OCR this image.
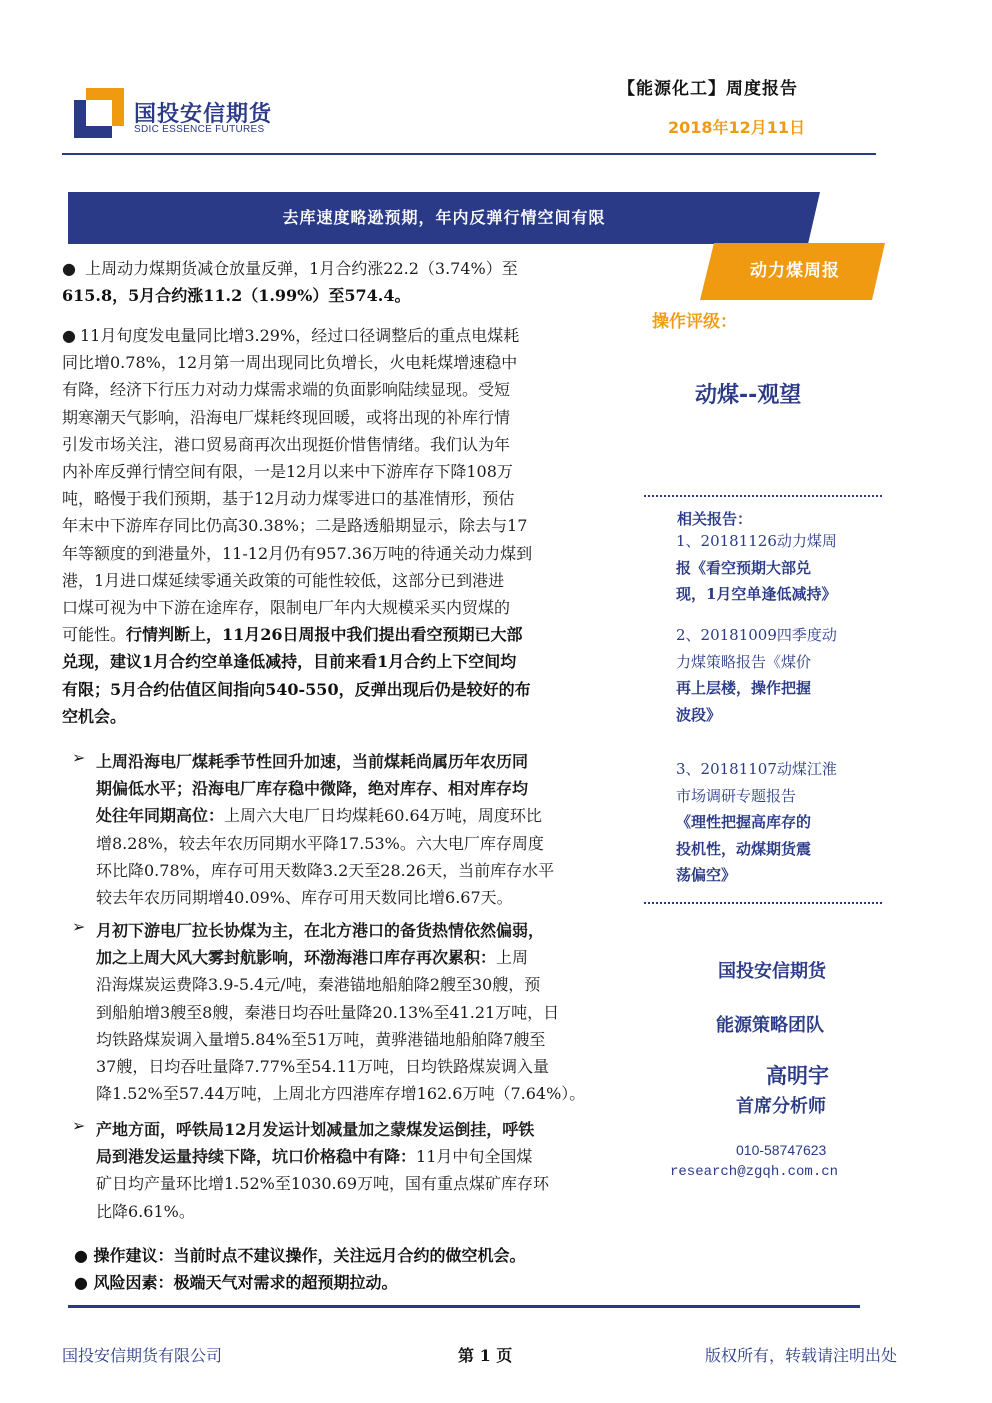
国投安信期货
SDIC ESSENCE FUTURES
【能源化工】周度报告
2018年12月11日
去库速度略逊预期，年内反弹行情空间有限
动力煤周报
操作评级：
动煤--观望
相关报告：
1、20181126动力煤周
报《看空预期大部兑
现，1月空单逢低减持》
2、20181009四季度动
力煤策略报告《煤价
再上层楼，操作把握
波段》
3、20181107动煤江淮
市场调研专题报告
《理性把握高库存的
投机性，动煤期货震
荡偏空》
国投安信期货
能源策略团队
高明宇
首席分析师
010-58747623
research@zgqh.com.cn
● 上周动力煤期货减仓放量反弹，1月合约涨22.2（3.74%）至
615.8，5月合约涨11.2（1.99%）至574.4。
● 11月旬度发电量同比增3.29%，经过口径调整后的重点电煤耗
同比增0.78%，12月第一周出现同比负增长，火电耗煤增速稳中
有降，经济下行压力对动力煤需求端的负面影响陆续显现。受短
期寒潮天气影响，沿海电厂煤耗终现回暖，或将出现的补库行情
引发市场关注，港口贸易商再次出现挺价惜售情绪。我们认为年
内补库反弹行情空间有限，一是12月以来中下游库存下降108万
吨，略慢于我们预期，基于12月动力煤零进口的基准情形，预估
年末中下游库存同比仍高30.38%；二是路透船期显示，除去与17
年等额度的到港量外，11-12月仍有957.36万吨的待通关动力煤到
港，1月进口煤延续零通关政策的可能性较低，这部分已到港进
口煤可视为中下游在途库存，限制电厂年内大规模采买内贸煤的
可能性。行情判断上，11月26日周报中我们提出看空预期已大部
兑现，建议1月合约空单逢低减持，目前来看1月合约上下空间均
有限；5月合约估值区间指向540-550，反弹出现后仍是较好的布
空机会。
➢ 上周沿海电厂煤耗季节性回升加速，当前煤耗尚属历年农历同
期偏低水平；沿海电厂库存稳中微降，绝对库存、相对库存均
处往年同期高位：上周六大电厂日均煤耗60.64万吨，周度环比
增8.28%，较去年农历同期水平降17.53%。六大电厂库存周度
环比降0.78%，库存可用天数降3.2天至28.26天，当前库存水平
较去年农历同期增40.09%、库存可用天数同比增6.67天。
➢ 月初下游电厂拉长协煤为主，在北方港口的备货热情依然偏弱，
加之上周大风大雾封航影响，环渤海港口库存再次累积：上周
沿海煤炭运费降3.9-5.4元/吨，秦港锚地船舶降2艘至30艘，预
到船舶增3艘至8艘，秦港日均吞吐量降20.13%至41.21万吨，日
均铁路煤炭调入量增5.84%至51万吨，黄骅港锚地船舶降7艘至
37艘，日均吞吐量降7.77%至54.11万吨，日均铁路煤炭调入量
降1.52%至57.44万吨，上周北方四港库存增162.6万吨（7.64%）。
➢ 产地方面，呼铁局12月发运计划减量加之蒙煤发运倒挂，呼铁
局到港发运量持续下降，坑口价格稳中有降：11月中旬全国煤
矿日均产量环比增1.52%至1030.69万吨，国有重点煤矿库存环
比降6.61%。
● 操作建议：当前时点不建议操作，关注远月合约的做空机会。
● 风险因素：极端天气对需求的超预期拉动。
国投安信期货有限公司	第 1 页	版权所有，转载请注明出处
